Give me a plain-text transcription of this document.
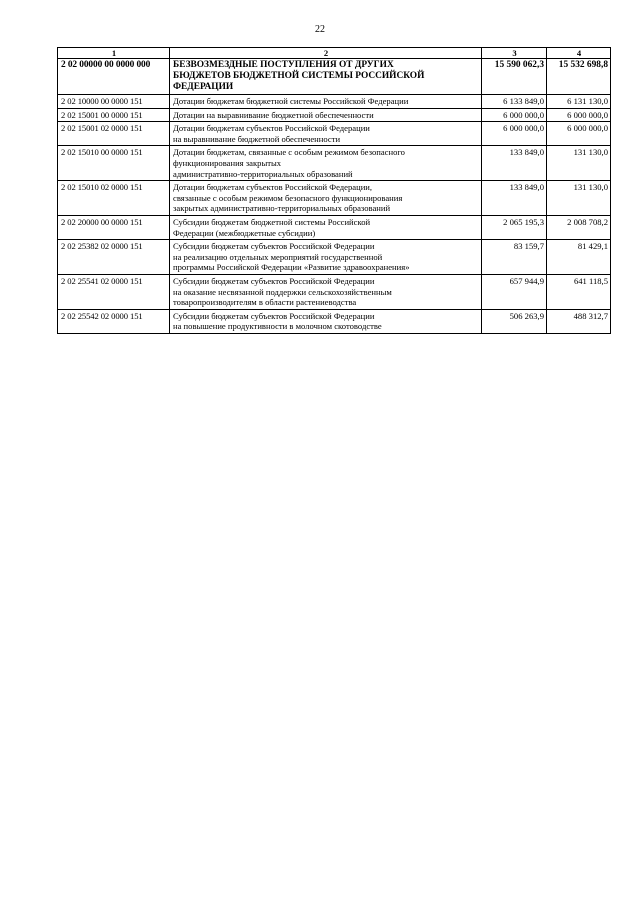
22
1	2	3	4
2 02 00000 00 0000 000	БЕЗВОЗМЕЗДНЫЕ ПОСТУПЛЕНИЯ ОТ ДРУГИХ
БЮДЖЕТОВ БЮДЖЕТНОЙ СИСТЕМЫ РОССИЙСКОЙ
ФЕДЕРАЦИИ	15 590 062,3	15 532 698,8
2 02 10000 00 0000 151	Дотации бюджетам бюджетной системы Российской Федерации	6 133 849,0	6 131 130,0
2 02 15001 00 0000 151	Дотации на выравнивание бюджетной обеспеченности	6 000 000,0	6 000 000,0
2 02 15001 02 0000 151	Дотации бюджетам субъектов Российской Федерации
на выравнивание бюджетной обеспеченности	6 000 000,0	6 000 000,0
2 02 15010 00 0000 151	Дотации бюджетам, связанные с особым режимом безопасного
функционирования закрытых
административно-территориальных образований	133 849,0	131 130,0
2 02 15010 02 0000 151	Дотации бюджетам субъектов Российской Федерации,
связанные с особым режимом безопасного функционирования
закрытых административно-территориальных образований	133 849,0	131 130,0
2 02 20000 00 0000 151	Субсидии бюджетам бюджетной системы Российской
Федерации (межбюджетные субсидии)	2 065 195,3	2 008 708,2
2 02 25382 02 0000 151	Субсидии бюджетам субъектов Российской Федерации
на реализацию отдельных мероприятий государственной
программы Российской Федерации «Развитие здравоохранения»	83 159,7	81 429,1
2 02 25541 02 0000 151	Субсидии бюджетам субъектов Российской Федерации
на оказание несвязанной поддержки сельскохозяйственным
товаропроизводителям в области растениеводства	657 944,9	641 118,5
2 02 25542 02 0000 151	Субсидии бюджетам субъектов Российской Федерации
на повышение продуктивности в молочном скотоводстве	506 263,9	488 312,7
